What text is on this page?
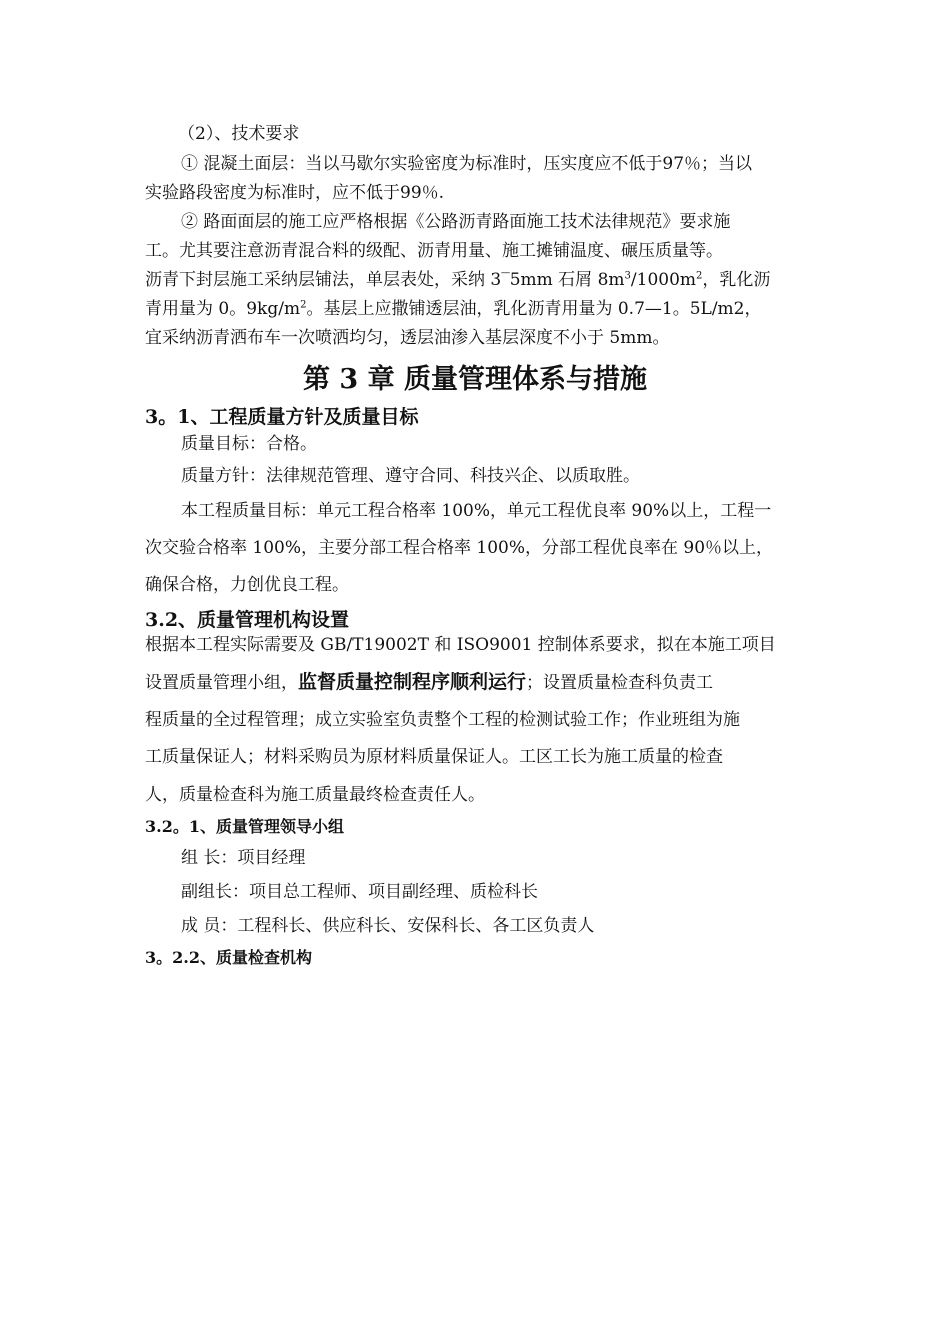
（2）、技术要求
① 混凝土面层：当以马歇尔实验密度为标准时，压实度应不低于97％；当以
实验路段密度为标准时，应不低于99％.
② 路面面层的施工应严格根据《公路沥青路面施工技术法律规范》要求施
工。尤其要注意沥青混合料的级配、沥青用量、施工摊铺温度、碾压质量等。
沥青下封层施工采纳层铺法，单层表处，采纳 3‾5mm 石屑 $8m^3/1000m^2$，乳化沥
青用量为 0。$9kg/m^2$。基层上应撒铺透层油，乳化沥青用量为 0.7—1。5L/m2，
宜采纳沥青洒布车一次喷洒均匀，透层油渗入基层深度不小于 5mm。
第 3 章 质量管理体系与措施
3。1、工程质量方针及质量目标
质量目标：合格。
质量方针：法律规范管理、遵守合同、科技兴企、以质取胜。
本工程质量目标：单元工程合格率 100%，单元工程优良率 90%以上，工程一
次交验合格率 100%，主要分部工程合格率 100%，分部工程优良率在 90％以上，
确保合格，力创优良工程。
3.2、质量管理机构设置
根据本工程实际需要及 GB/T19002T 和 ISO9001 控制体系要求，拟在本施工项目
设置质量管理小组，监督质量控制程序顺利运行；设置质量检查科负责工
程质量的全过程管理；成立实验室负责整个工程的检测试验工作；作业班组为施
工质量保证人；材料采购员为原材料质量保证人。工区工长为施工质量的检查
人，质量检查科为施工质量最终检查责任人。
3.2。1、质量管理领导小组
组 长：项目经理
副组长：项目总工程师、项目副经理、质检科长
成 员：工程科长、供应科长、安保科长、各工区负责人
3。2.2、质量检查机构
